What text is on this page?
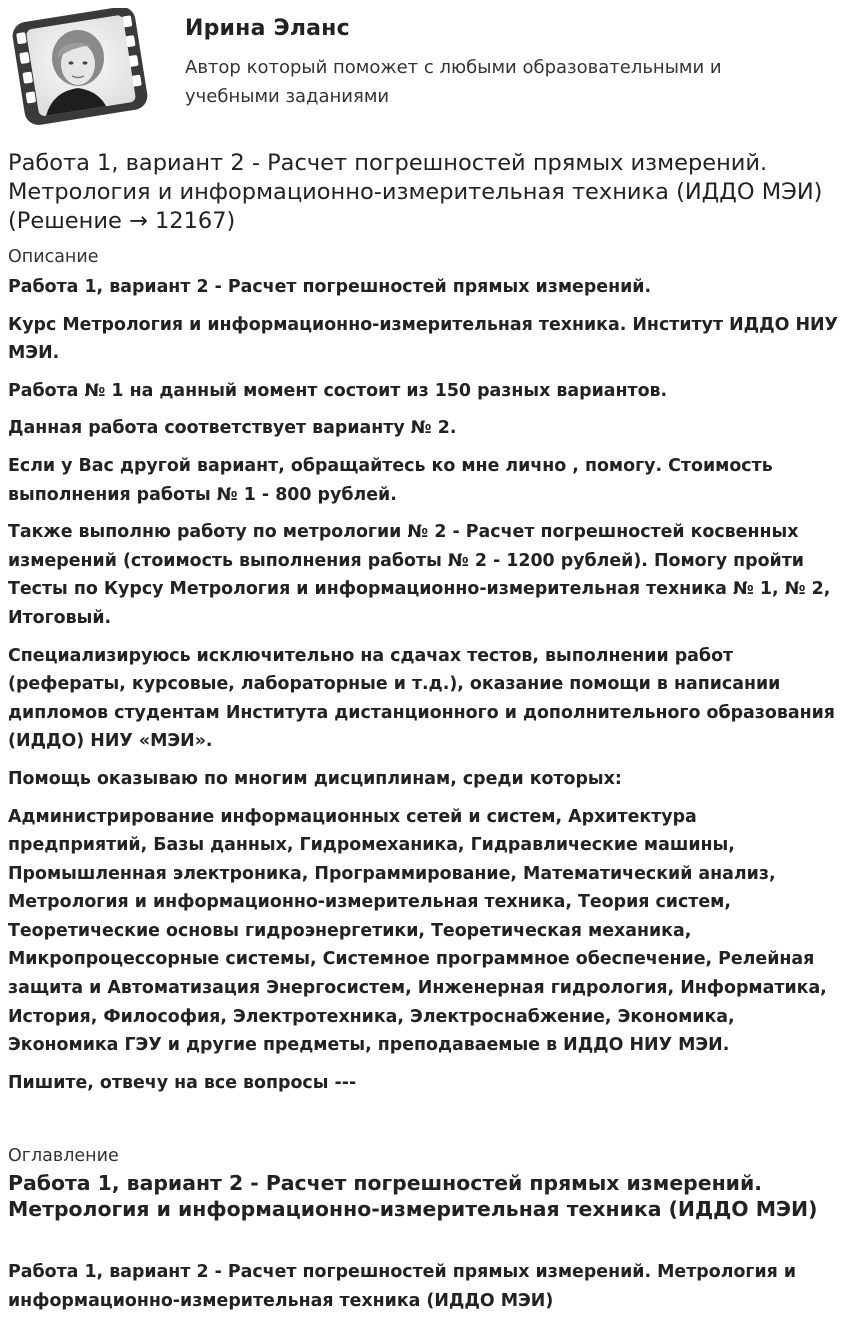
Ирина Эланс
Автор который поможет с любыми образовательными и учебными заданиями
Работа 1, вариант 2 - Расчет погрешностей прямых измерений. Метрология и информационно-измерительная техника (ИДДО МЭИ) (Решение → 12167)
Описание

Работа 1, вариант 2 - Расчет погрешностей прямых измерений.

Курс Метрология и информационно-измерительная техника. Институт ИДДО НИУ МЭИ.

Работа № 1 на данный момент состоит из 150 разных вариантов.

Данная работа соответствует варианту № 2.

Если у Вас другой вариант, обращайтесь ко мне лично , помогу. Стоимость выполнения работы № 1 - 800 рублей.

Также выполню работу по метрологии № 2 - Расчет погрешностей косвенных измерений (стоимость выполнения работы № 2 - 1200 рублей). Помогу пройти Тесты по Курсу Метрология и информационно-измерительная техника № 1, № 2, Итоговый.

Специализируюсь исключительно на сдачах тестов, выполнении работ (рефераты, курсовые, лабораторные и т.д.), оказание помощи в написании дипломов студентам Института дистанционного и дополнительного образования (ИДДО) НИУ «МЭИ».

Помощь оказываю по многим дисциплинам, среди которых:

Администрирование информационных сетей и систем, Архитектура предприятий, Базы данных, Гидромеханика, Гидравлические машины, Промышленная электроника, Программирование, Математический анализ, Метрология и информационно-измерительная техника, Теория систем, Теоретические основы гидроэнергетики, Теоретическая механика, Микропроцессорные системы, Системное программное обеспечение, Релейная защита и Автоматизация Энергосистем, Инженерная гидрология, Информатика, История, Философия, Электротехника, Электроснабжение, Экономика, Экономика ГЭУ и другие предметы, преподаваемые в ИДДО НИУ МЭИ.

Пишите, отвечу на все вопросы ---

Оглавление
Работа 1, вариант 2 - Расчет погрешностей прямых измерений. Метрология и информационно-измерительная техника (ИДДО МЭИ)

Работа 1, вариант 2 - Расчет погрешностей прямых измерений. Метрология и информационно-измерительная техника (ИДДО МЭИ)
